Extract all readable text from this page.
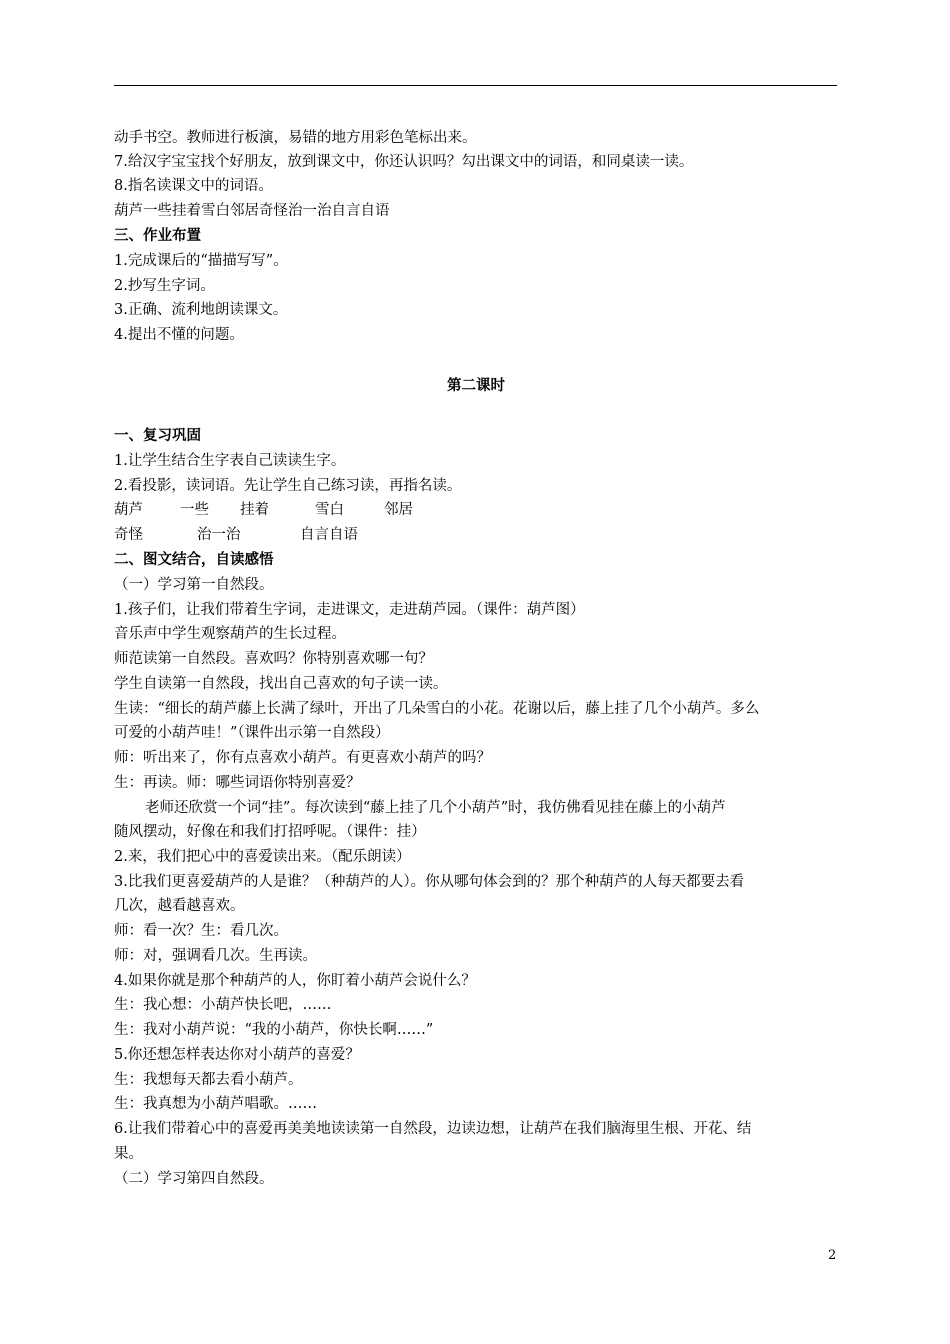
动手书空。教师进行板演，易错的地方用彩色笔标出来。
7.给汉字宝宝找个好朋友，放到课文中，你还认识吗？勾出课文中的词语，和同桌读一读。
8.指名读课文中的词语。
葫芦一些挂着雪白邻居奇怪治一治自言自语
三、作业布置
1.完成课后的“描描写写”。
2.抄写生字词。
3.正确、流利地朗读课文。
4.提出不懂的问题。
第二课时
一、复习巩固
1.让学生结合生字表自己读读生字。
2.看投影，读词语。先让学生自己练习读，再指名读。
葫芦	一些 挂着	雪白	邻居
奇怪	治一治	自言自语
二、图文结合，自读感悟
（一）学习第一自然段。
1.孩子们，让我们带着生字词，走进课文，走进葫芦园。（课件：葫芦图）
音乐声中学生观察葫芦的生长过程。
师范读第一自然段。喜欢吗？你特别喜欢哪一句？
学生自读第一自然段，找出自己喜欢的句子读一读。
生读：“细长的葫芦藤上长满了绿叶，开出了几朵雪白的小花。花谢以后，藤上挂了几个小葫芦。多么
可爱的小葫芦哇！”（课件出示第一自然段）
师：听出来了，你有点喜欢小葫芦。有更喜欢小葫芦的吗？
生：再读。师：哪些词语你特别喜爱？
老师还欣赏一个词“挂”。每次读到“藤上挂了几个小葫芦”时，我仿佛看见挂在藤上的小葫芦
随风摆动，好像在和我们打招呼呢。（课件：挂）
2.来，我们把心中的喜爱读出来。（配乐朗读）
3.比我们更喜爱葫芦的人是谁？（种葫芦的人）。你从哪句体会到的？那个种葫芦的人每天都要去看
几次，越看越喜欢。
师：看一次？生：看几次。
师：对，强调看几次。生再读。
4.如果你就是那个种葫芦的人，你盯着小葫芦会说什么？
生：我心想：小葫芦快长吧，……
生：我对小葫芦说：“我的小葫芦，你快长啊……”
5.你还想怎样表达你对小葫芦的喜爱？
生：我想每天都去看小葫芦。
生：我真想为小葫芦唱歌。……
6.让我们带着心中的喜爱再美美地读读第一自然段，边读边想，让葫芦在我们脑海里生根、开花、结
果。
（二）学习第四自然段。
2
